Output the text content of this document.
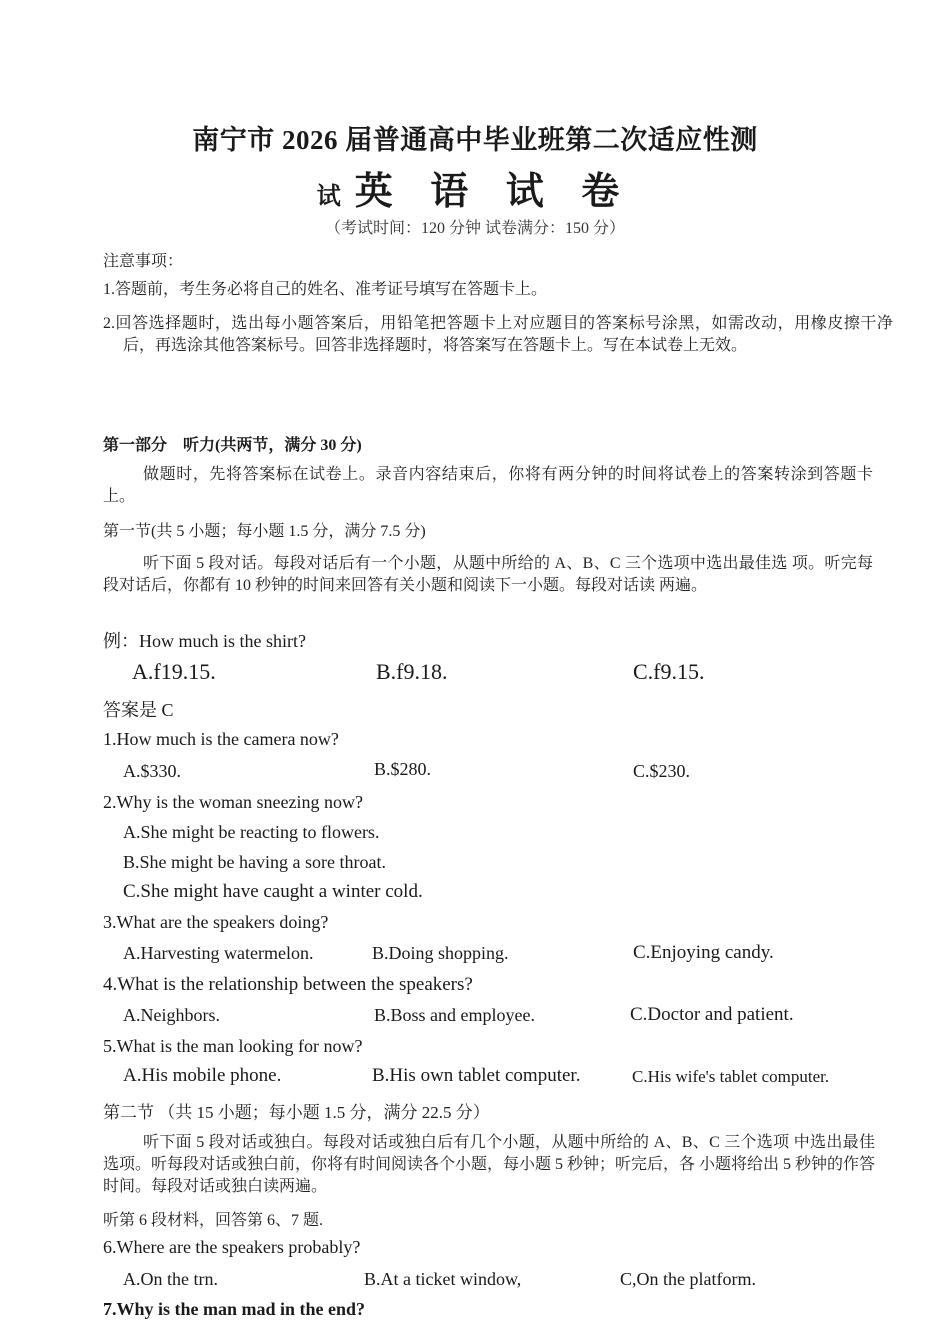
南宁市 2026 届普通高中毕业班第二次适应性测
试 英 语 试 卷
（考试时间：120 分钟 试卷满分：150 分）
注意事项：
1.答题前，考生务必将自己的姓名、准考证号填写在答题卡上。
2.回答选择题时，选出每小题答案后，用铅笔把答题卡上对应题目的答案标号涂黑，如需改动，用橡皮擦干净后，再选涂其他答案标号。回答非选择题时，将答案写在答题卡上。写在本试卷上无效。
第一部分　听力(共两节，满分 30 分)
做题时，先将答案标在试卷上。录音内容结束后，你将有两分钟的时间将试卷上的答案转涂到答题卡上。
第一节(共 5 小题；每小题 1.5 分，满分 7.5 分)
听下面 5 段对话。每段对话后有一个小题，从题中所给的 A、B、C 三个选项中选出最佳选 项。听完每段对话后，你都有 10 秒钟的时间来回答有关小题和阅读下一小题。每段对话读 两遍。
例：How much is the shirt?
A.f19.15.	B.f9.18.	C.f9.15.
答案是 C
1.How much is the camera now?
A.$330.	B.$280.	C.$230.
2.Why is the woman sneezing now?
A.She might be reacting to flowers.
B.She might be having a sore throat.
C.She might have caught a winter cold.
3.What are the speakers doing?
A.Harvesting watermelon.	B.Doing shopping.	C.Enjoying candy.
4.What is the relationship between the speakers?
A.Neighbors.	B.Boss and employee.	C.Doctor and patient.
5.What is the man looking for now?
A.His mobile phone.	B.His own tablet computer.	C.His wife's tablet computer.
第二节 （共 15 小题；每小题 1.5 分，满分 22.5 分）
听下面 5 段对话或独白。每段对话或独白后有几个小题，从题中所给的 A、B、C 三个选项 中选出最佳选项。听每段对话或独白前，你将有时间阅读各个小题，每小题 5 秒钟；听完后，各 小题将给出 5 秒钟的作答时间。每段对话或独白读两遍。
听第 6 段材料，回答第 6、7 题.
6.Where are the speakers probably?
A.On the trn.	B.At a ticket window,	C,On the platform.
7.Why is the man mad in the end?
